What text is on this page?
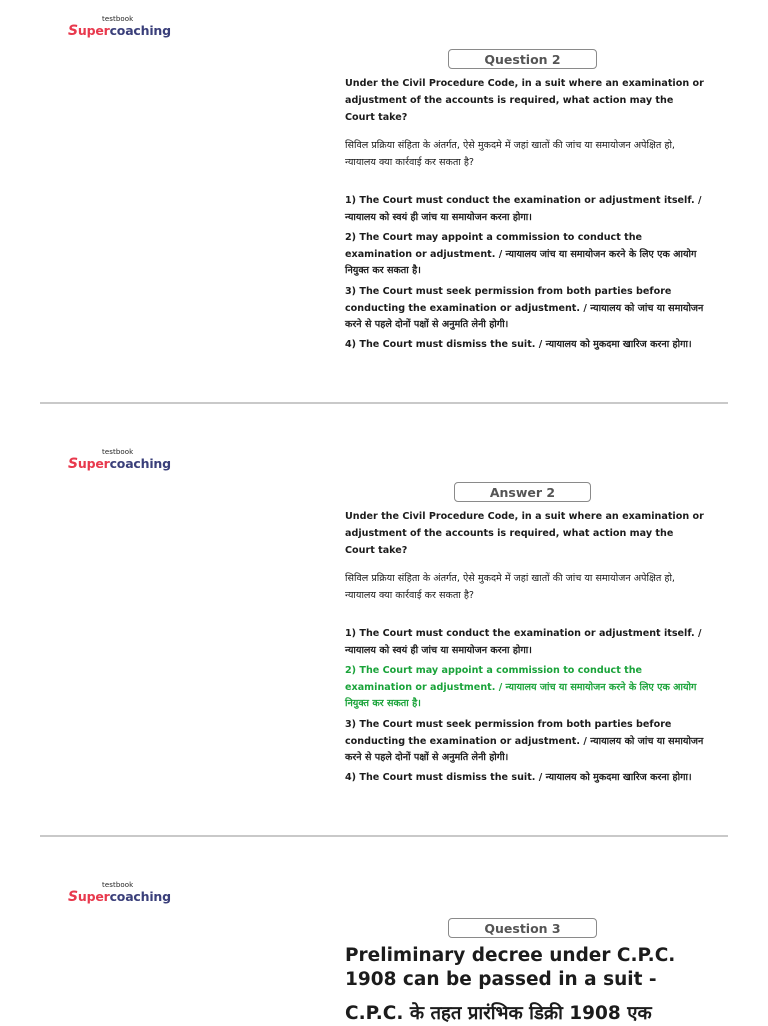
testbook
Supercoaching
Question 2
Under the Civil Procedure Code, in a suit where an examination or adjustment of the accounts is required, what action may the Court take?
सिविल प्रक्रिया संहिता के अंतर्गत, ऐसे मुकदमे में जहां खातों की जांच या समायोजन अपेक्षित हो, न्यायालय क्या कार्रवाई कर सकता है?
1) The Court must conduct the examination or adjustment itself. / न्यायालय को स्वयं ही जांच या समायोजन करना होगा।
2) The Court may appoint a commission to conduct the examination or adjustment. / न्यायालय जांच या समायोजन करने के लिए एक आयोग नियुक्त कर सकता है।
3) The Court must seek permission from both parties before conducting the examination or adjustment. / न्यायालय को जांच या समायोजन करने से पहले दोनों पक्षों से अनुमति लेनी होगी।
4) The Court must dismiss the suit. / न्यायालय को मुकदमा खारिज करना होगा।
testbook
Supercoaching
Answer 2
Under the Civil Procedure Code, in a suit where an examination or adjustment of the accounts is required, what action may the Court take?
सिविल प्रक्रिया संहिता के अंतर्गत, ऐसे मुकदमे में जहां खातों की जांच या समायोजन अपेक्षित हो, न्यायालय क्या कार्रवाई कर सकता है?
1) The Court must conduct the examination or adjustment itself. / न्यायालय को स्वयं ही जांच या समायोजन करना होगा।
2) The Court may appoint a commission to conduct the examination or adjustment. / न्यायालय जांच या समायोजन करने के लिए एक आयोग नियुक्त कर सकता है।
3) The Court must seek permission from both parties before conducting the examination or adjustment. / न्यायालय को जांच या समायोजन करने से पहले दोनों पक्षों से अनुमति लेनी होगी।
4) The Court must dismiss the suit. / न्यायालय को मुकदमा खारिज करना होगा।
testbook
Supercoaching
Question 3
Preliminary decree under C.P.C. 1908 can be passed in a suit -
C.P.C. के तहत प्रारंभिक डिक्री 1908 एक
